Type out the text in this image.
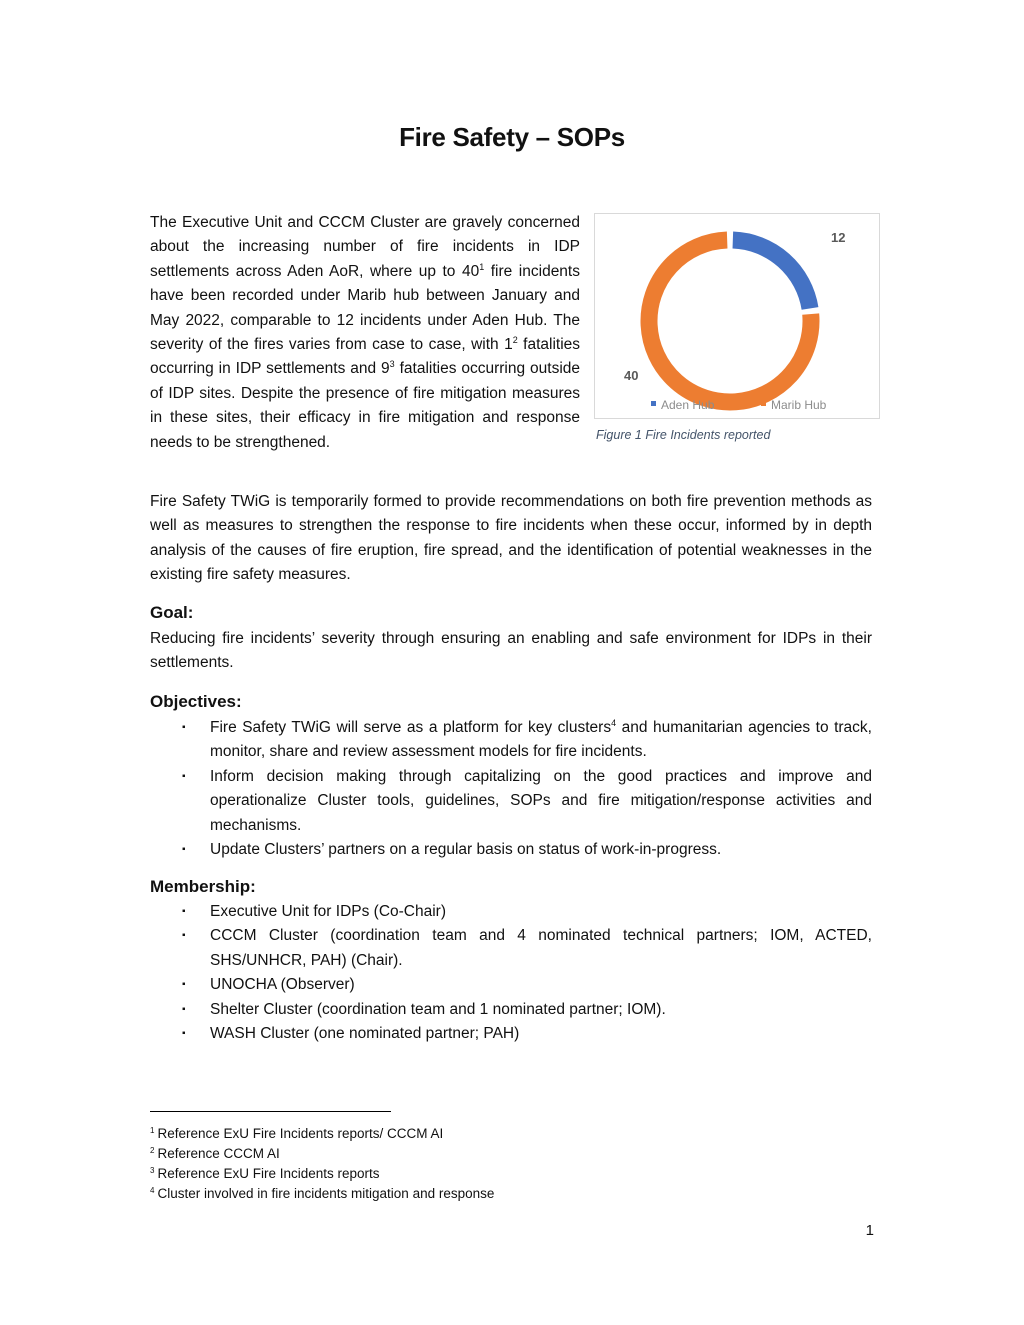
Fire Safety – SOPs

The Executive Unit and CCCM Cluster are gravely concerned about the increasing number of fire incidents in IDP settlements across Aden AoR, where up to $40^1$ fire incidents have been recorded under Marib hub between January and May 2022, comparable to 12 incidents under Aden Hub. The severity of the fires varies from case to case, with $1^2$ fatalities occurring in IDP settlements and $9^3$ fatalities occurring outside of IDP sites. Despite the presence of fire mitigation measures in these sites, their efficacy in fire mitigation and response needs to be strengthened.

12
40
Aden Hub	Marib Hub
Figure 1 Fire Incidents reported

Fire Safety TWiG is temporarily formed to provide recommendations on both fire prevention methods as well as measures to strengthen the response to fire incidents when these occur, informed by in depth analysis of the causes of fire eruption, fire spread, and the identification of potential weaknesses in the existing fire safety measures.

Goal:

Reducing fire incidents’ severity through ensuring an enabling and safe environment for IDPs in their settlements.

Objectives:
▪ Fire Safety TWiG will serve as a platform for key clusters$^4$ and humanitarian agencies to track, monitor, share and review assessment models for fire incidents.
▪ Inform decision making through capitalizing on the good practices and improve and operationalize Cluster tools, guidelines, SOPs and fire mitigation/response activities and mechanisms.
▪ Update Clusters’ partners on a regular basis on status of work-in-progress.
Membership:
▪ Executive Unit for IDPs (Co-Chair)
▪ CCCM Cluster (coordination team and 4 nominated technical partners; IOM, ACTED, SHS/UNHCR, PAH) (Chair).
▪ UNOCHA (Observer)
▪ Shelter Cluster (coordination team and 1 nominated partner; IOM).
▪ WASH Cluster (one nominated partner; PAH)
$^1$ Reference ExU Fire Incidents reports/ CCCM AI
$^2$ Reference CCCM AI
$^3$ Reference ExU Fire Incidents reports
$^4$ Cluster involved in fire incidents mitigation and response
1
